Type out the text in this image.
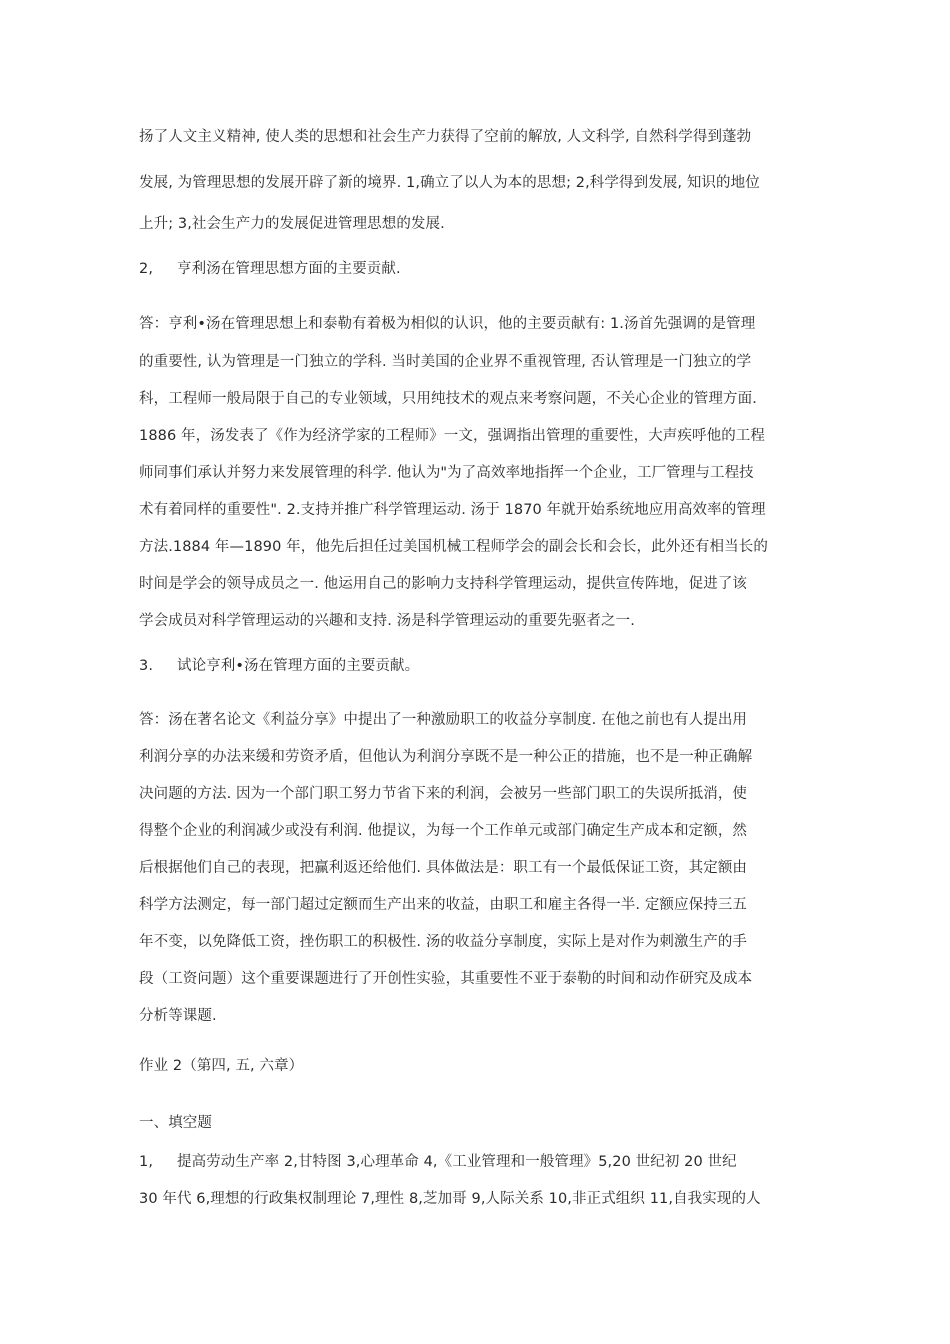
扬了人文主义精神, 使人类的思想和社会生产力获得了空前的解放, 人文科学, 自然科学得到蓬勃
发展, 为管理思想的发展开辟了新的境界. 1,确立了以人为本的思想; 2,科学得到发展, 知识的地位
上升; 3,社会生产力的发展促进管理思想的发展.
2, 亨利汤在管理思想方面的主要贡献.
答：亨利•汤在管理思想上和泰勒有着极为相似的认识，他的主要贡献有: 1.汤首先强调的是管理
的重要性, 认为管理是一门独立的学科. 当时美国的企业界不重视管理, 否认管理是一门独立的学
科，工程师一般局限于自己的专业领域，只用纯技术的观点来考察问题，不关心企业的管理方面.
1886 年，汤发表了《作为经济学家的工程师》一文，强调指出管理的重要性，大声疾呼他的工程
师同事们承认并努力来发展管理的科学. 他认为"为了高效率地指挥一个企业，工厂管理与工程技
术有着同样的重要性". 2.支持并推广科学管理运动. 汤于 1870 年就开始系统地应用高效率的管理
方法.1884 年—1890 年，他先后担任过美国机械工程师学会的副会长和会长，此外还有相当长的
时间是学会的领导成员之一. 他运用自己的影响力支持科学管理运动，提供宣传阵地，促进了该
学会成员对科学管理运动的兴趣和支持. 汤是科学管理运动的重要先驱者之一.
3. 试论亨利•汤在管理方面的主要贡献。
答：汤在著名论文《利益分享》中提出了一种激励职工的收益分享制度. 在他之前也有人提出用
利润分享的办法来缓和劳资矛盾，但他认为利润分享既不是一种公正的措施，也不是一种正确解
决问题的方法. 因为一个部门职工努力节省下来的利润，会被另一些部门职工的失误所抵消，使
得整个企业的利润减少或没有利润. 他提议，为每一个工作单元或部门确定生产成本和定额，然
后根据他们自己的表现，把赢利返还给他们. 具体做法是：职工有一个最低保证工资，其定额由
科学方法测定，每一部门超过定额而生产出来的收益，由职工和雇主各得一半. 定额应保持三五
年不变，以免降低工资，挫伤职工的积极性. 汤的收益分享制度，实际上是对作为刺激生产的手
段（工资问题）这个重要课题进行了开创性实验，其重要性不亚于泰勒的时间和动作研究及成本
分析等课题.
作业 2（第四, 五, 六章）
一、填空题
1, 提高劳动生产率 2,甘特图 3,心理革命 4,《工业管理和一般管理》5,20 世纪初 20 世纪
30 年代 6,理想的行政集权制理论 7,理性 8,芝加哥 9,人际关系 10,非正式组织 11,自我实现的人
